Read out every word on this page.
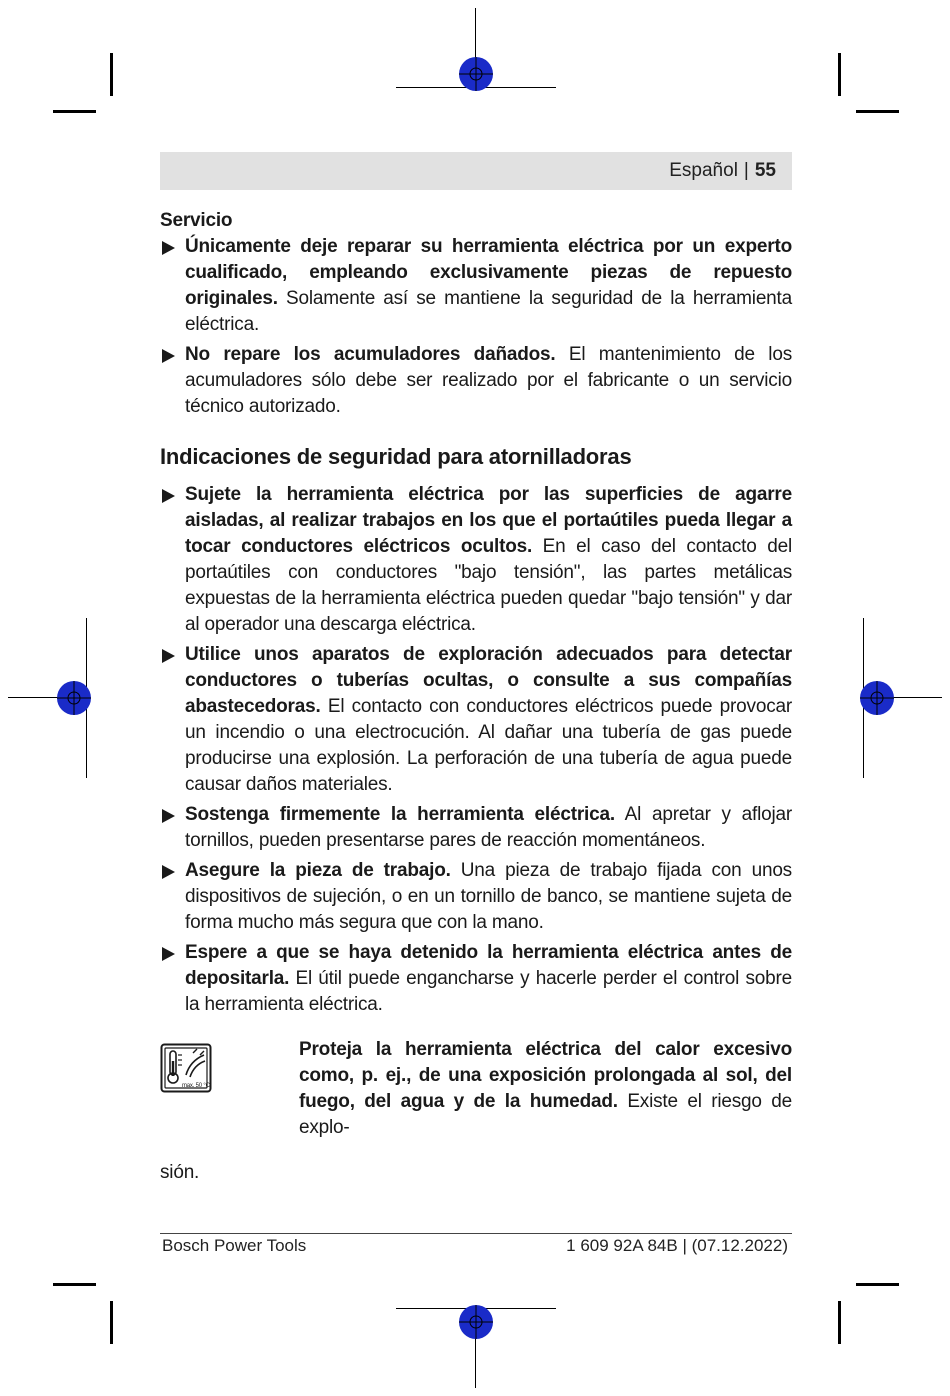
Español | 55

Servicio

Únicamente deje reparar su herramienta eléctrica por un experto cualificado, empleando exclusivamente piezas de repuesto originales. Solamente así se mantiene la seguridad de la herramienta eléctrica.

No repare los acumuladores dañados. El mantenimiento de los acumuladores sólo debe ser realizado por el fabricante o un servicio técnico autorizado.

Indicaciones de seguridad para atornilladoras

Sujete la herramienta eléctrica por las superficies de agarre aisladas, al realizar trabajos en los que el portaútiles pueda llegar a tocar conductores eléctricos ocultos. En el caso del contacto del portaútiles con conductores "bajo tensión", las partes metálicas expuestas de la herramienta eléctrica pueden quedar "bajo tensión" y dar al operador una descarga eléctrica.

Utilice unos aparatos de exploración adecuados para detectar conductores o tuberías ocultas, o consulte a sus compañías abastecedoras. El contacto con conductores eléctricos puede provocar un incendio o una electrocución. Al dañar una tubería de gas puede producirse una explosión. La perforación de una tubería de agua puede causar daños materiales.

Sostenga firmemente la herramienta eléctrica. Al apretar y aflojar tornillos, pueden presentarse pares de reacción momentáneos.

Asegure la pieza de trabajo. Una pieza de trabajo fijada con unos dispositivos de sujeción, o en un tornillo de banco, se mantiene sujeta de forma mucho más segura que con la mano.

Espere a que se haya detenido la herramienta eléctrica antes de depositarla. El útil puede engancharse y hacerle perder el control sobre la herramienta eléctrica.

max. 50 °C

Proteja la herramienta eléctrica del calor excesivo como, p. ej., de una exposición prolongada al sol, del fuego, del agua y de la humedad. Existe el riesgo de explo-

sión.

Bosch Power Tools	1 609 92A 84B | (07.12.2022)
